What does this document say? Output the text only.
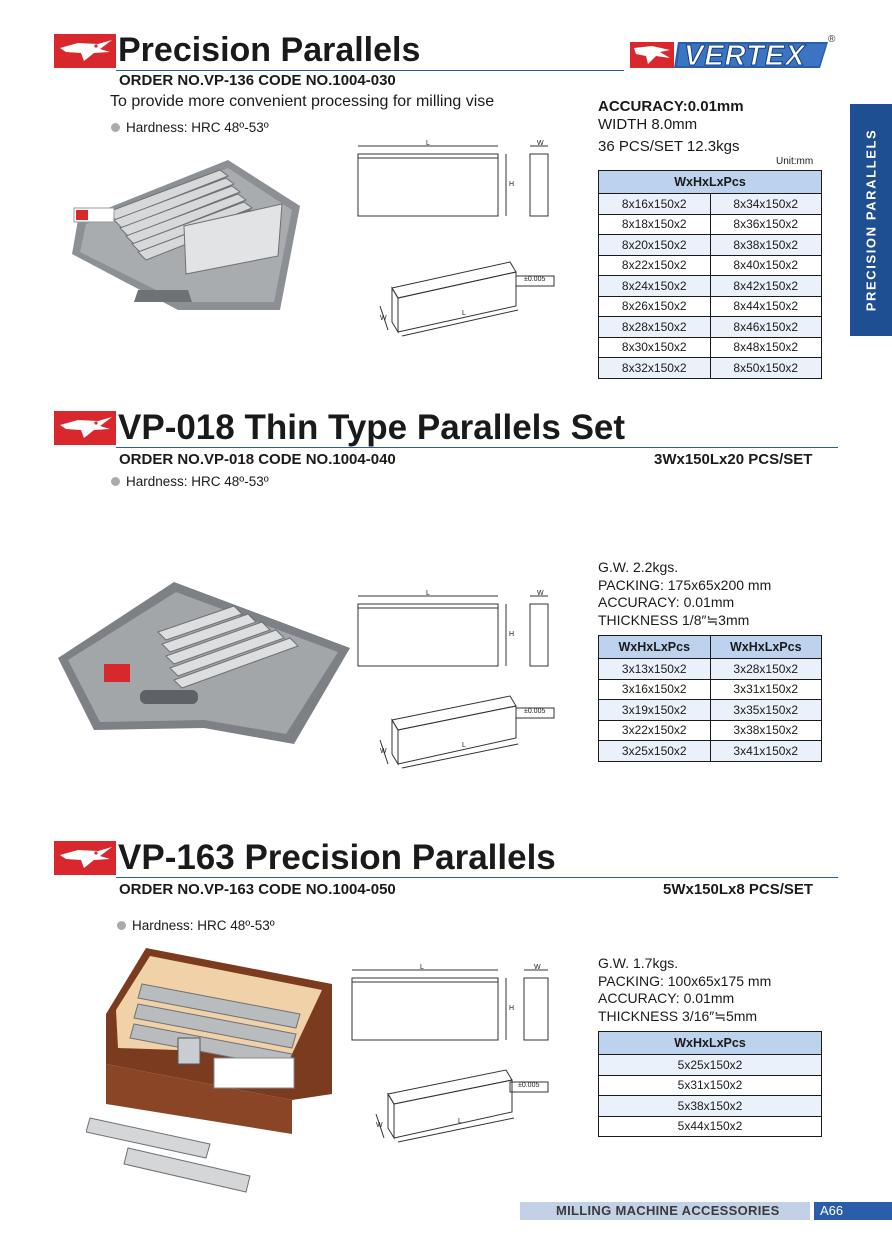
VERTEX
®
PRECISION PARALLELS
Precision Parallels
ORDER NO.VP-136 CODE NO.1004-030
To provide more convenient processing for milling vise
Hardness: HRC 48º-53º
L
H
W
L
W
±0.005
ACCURACY:0.01mm
WIDTH 8.0mm
36 PCS/SET 12.3kgs
Unit:mm
WxHxLxPcs	
8x16x150x2	8x34x150x2
8x18x150x2	8x36x150x2
8x20x150x2	8x38x150x2
8x22x150x2	8x40x150x2
8x24x150x2	8x42x150x2
8x26x150x2	8x44x150x2
8x28x150x2	8x46x150x2
8x30x150x2	8x48x150x2
8x32x150x2	8x50x150x2
VP-018 Thin Type Parallels Set
ORDER NO.VP-018 CODE NO.1004-040	3Wx150Lx20 PCS/SET
Hardness: HRC 48º-53º
L
H
W
L
W
±0.005
G.W. 2.2kgs.
PACKING: 175x65x200 mm
ACCURACY: 0.01mm
THICKNESS 1/8″≒3mm
WxHxLxPcs	WxHxLxPcs
3x13x150x2	3x28x150x2
3x16x150x2	3x31x150x2
3x19x150x2	3x35x150x2
3x22x150x2	3x38x150x2
3x25x150x2	3x41x150x2
VP-163 Precision Parallels
ORDER NO.VP-163 CODE NO.1004-050	5Wx150Lx8 PCS/SET
Hardness: HRC 48º-53º
L
H
W
L
W
±0.005
G.W. 1.7kgs.
PACKING: 100x65x175 mm
ACCURACY: 0.01mm
THICKNESS 3/16″≒5mm
WxHxLxPcs
5x25x150x2
5x31x150x2
5x38x150x2
5x44x150x2
MILLING MACHINE ACCESSORIES	A66
